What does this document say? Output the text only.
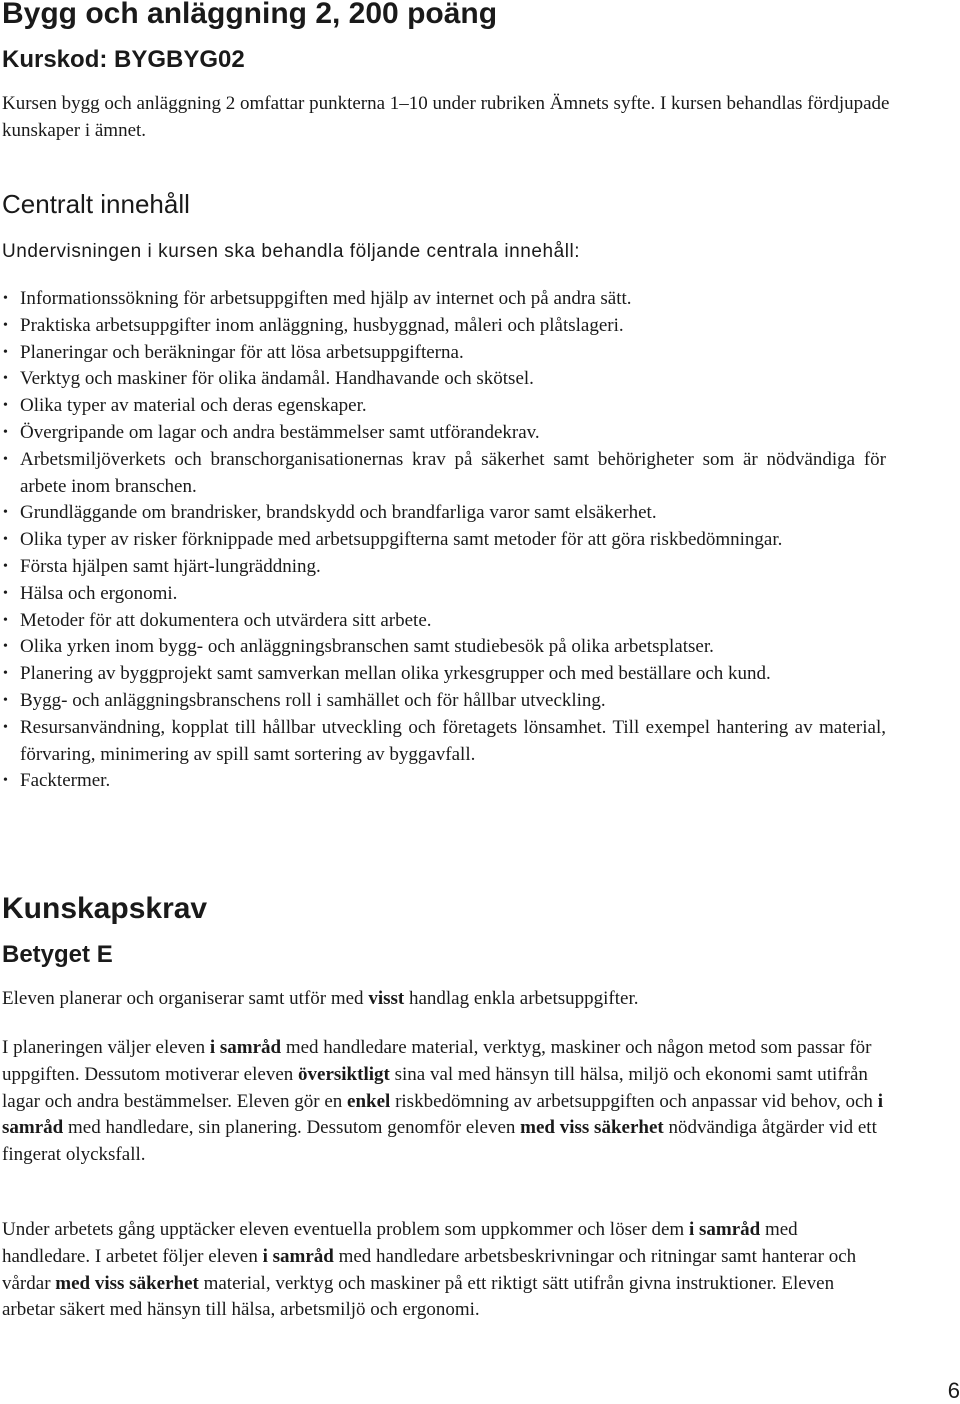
Bygg och anläggning 2, 200 poäng
Kurskod: BYGBYG02

Kursen bygg och anläggning 2 omfattar punkterna 1–10 under rubriken Ämnets syfte. I kursen behandlas fördjupade kunskaper i ämnet.

Centralt innehåll

Undervisningen i kursen ska behandla följande centrala innehåll:

• Informationssökning för arbetsuppgiften med hjälp av internet och på andra sätt.
• Praktiska arbetsuppgifter inom anläggning, husbyggnad, måleri och plåtslageri.
• Planeringar och beräkningar för att lösa arbetsuppgifterna.
• Verktyg och maskiner för olika ändamål. Handhavande och skötsel.
• Olika typer av material och deras egenskaper.
• Övergripande om lagar och andra bestämmelser samt utförandekrav.
• Arbetsmiljöverkets och branschorganisationernas krav på säkerhet samt behörigheter som är nödvändiga för arbete inom branschen.
• Grundläggande om brandrisker, brandskydd och brandfarliga varor samt elsäkerhet.
• Olika typer av risker förknippade med arbetsuppgifterna samt metoder för att göra riskbedömningar.
• Första hjälpen samt hjärt-lungräddning.
• Hälsa och ergonomi.
• Metoder för att dokumentera och utvärdera sitt arbete.
• Olika yrken inom bygg- och anläggningsbranschen samt studiebesök på olika arbetsplatser.
• Planering av byggprojekt samt samverkan mellan olika yrkesgrupper och med beställare och kund.
• Bygg- och anläggningsbranschens roll i samhället och för hållbar utveckling.
• Resursanvändning, kopplat till hållbar utveckling och företagets lönsamhet. Till exempel hantering av material, förvaring, minimering av spill samt sortering av byggavfall.
• Facktermer.
Kunskapskrav
Betyget E

Eleven planerar och organiserar samt utför med visst handlag enkla arbetsuppgifter.

I planeringen väljer eleven i samråd med handledare material, verktyg, maskiner och någon metod som passar för uppgiften. Dessutom motiverar eleven översiktligt sina val med hänsyn till hälsa, miljö och ekonomi samt utifrån lagar och andra bestämmelser. Eleven gör en enkel riskbedömning av arbetsuppgiften och anpassar vid behov, och i samråd med handledare, sin planering. Dessutom genomför eleven med viss säkerhet nödvändiga åtgärder vid ett fingerat olycksfall.

Under arbetets gång upptäcker eleven eventuella problem som uppkommer och löser dem i samråd med handledare. I arbetet följer eleven i samråd med handledare arbetsbeskrivningar och ritningar samt hanterar och vårdar med viss säkerhet material, verktyg och maskiner på ett riktigt sätt utifrån givna instruktioner. Eleven arbetar säkert med hänsyn till hälsa, arbetsmiljö och ergonomi.

6
